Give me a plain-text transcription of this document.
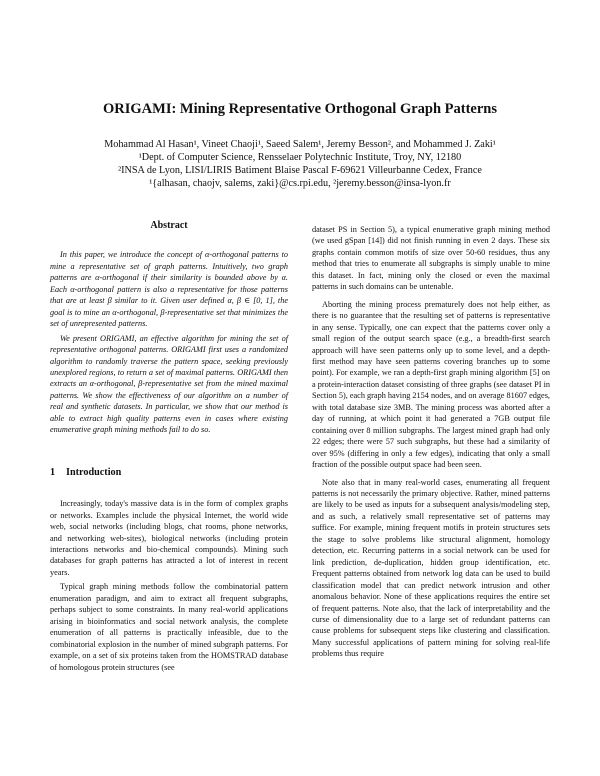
ORIGAMI: Mining Representative Orthogonal Graph Patterns
Mohammad Al Hasan¹, Vineet Chaoji¹, Saeed Salem¹, Jeremy Besson², and Mohammed J. Zaki¹
¹Dept. of Computer Science, Rensselaer Polytechnic Institute, Troy, NY, 12180
²INSA de Lyon, LISI/LIRIS Batiment Blaise Pascal F-69621 Villeurbanne Cedex, France
¹{alhasan, chaojv, salems, zaki}@cs.rpi.edu, ²jeremy.besson@insa-lyon.fr
Abstract

In this paper, we introduce the concept of α-orthogonal patterns to mine a representative set of graph patterns. Intuitively, two graph patterns are α-orthogonal if their similarity is bounded above by α. Each α-orthogonal pattern is also a representative for those patterns that are at least β similar to it. Given user defined α, β ∈ [0, 1], the goal is to mine an α-orthogonal, β-representative set that minimizes the set of unrepresented patterns.

We present ORIGAMI, an effective algorithm for mining the set of representative orthogonal patterns. ORIGAMI first uses a randomized algorithm to randomly traverse the pattern space, seeking previously unexplored regions, to return a set of maximal patterns. ORIGAMI then extracts an α-orthogonal, β-representative set from the mined maximal patterns. We show the effectiveness of our algorithm on a number of real and synthetic datasets. In particular, we show that our method is able to extract high quality patterns even in cases where existing enumerative graph mining methods fail to do so.

1 Introduction

Increasingly, today's massive data is in the form of complex graphs or networks. Examples include the physical Internet, the world wide web, social networks (including blogs, chat rooms, phone networks, and networking web-sites), biological networks (including protein interactions networks and bio-chemical compounds). Mining such databases for graph patterns has attracted a lot of interest in recent years.

Typical graph mining methods follow the combinatorial pattern enumeration paradigm, and aim to extract all frequent subgraphs, perhaps subject to some constraints. In many real-world applications arising in bioinformatics and social network analysis, the complete enumeration of all patterns is practically infeasible, due to the combinatorial explosion in the number of mined subgraph patterns. For example, on a set of six proteins taken from the HOMSTRAD database of homologous protein structures (see

dataset PS in Section 5), a typical enumerative graph mining method (we used gSpan [14]) did not finish running in even 2 days. These six graphs contain common motifs of size over 50-60 residues, thus any method that tries to enumerate all subgraphs is simply unable to mine this dataset. In fact, mining only the closed or even the maximal patterns in such domains can be untenable.

Aborting the mining process prematurely does not help either, as there is no guarantee that the resulting set of patterns is representative in any sense. Typically, one can expect that the patterns cover only a small region of the output search space (e.g., a breadth-first search approach will have seen patterns only up to some level, and a depth-first method may have seen patterns covering branches up to some point). For example, we ran a depth-first graph mining algorithm [5] on a protein-interaction dataset consisting of three graphs (see dataset PI in Section 5), each graph having 2154 nodes, and on average 81607 edges, with total database size 3MB. The mining process was aborted after a day of running, at which point it had generated a 7GB output file containing over 8 million subgraphs. The largest mined graph had only 22 edges; there were 57 such subgraphs, but these had a similarity of over 95% (differing in only a few edges), indicating that only a small fraction of the possible output space had been seen.

Note also that in many real-world cases, enumerating all frequent patterns is not necessarily the primary objective. Rather, mined patterns are likely to be used as inputs for a subsequent analysis/modeling step, and as such, a relatively small representative set of patterns may suffice. For example, mining frequent motifs in protein structures sets the stage to solve problems like structural alignment, homology detection, etc. Recurring patterns in a social network can be used for link prediction, de-duplication, hidden group identification, etc. Frequent patterns obtained from network log data can be used to build classification model that can predict network intrusion and other anomalous behavior. None of these applications requires the entire set of frequent patterns. Note also, that the lack of interpretability and the curse of dimensionality due to a large set of redundant patterns can cause problems for subsequent steps like clustering and classification. Many successful applications of pattern mining for solving real-life problems thus require
